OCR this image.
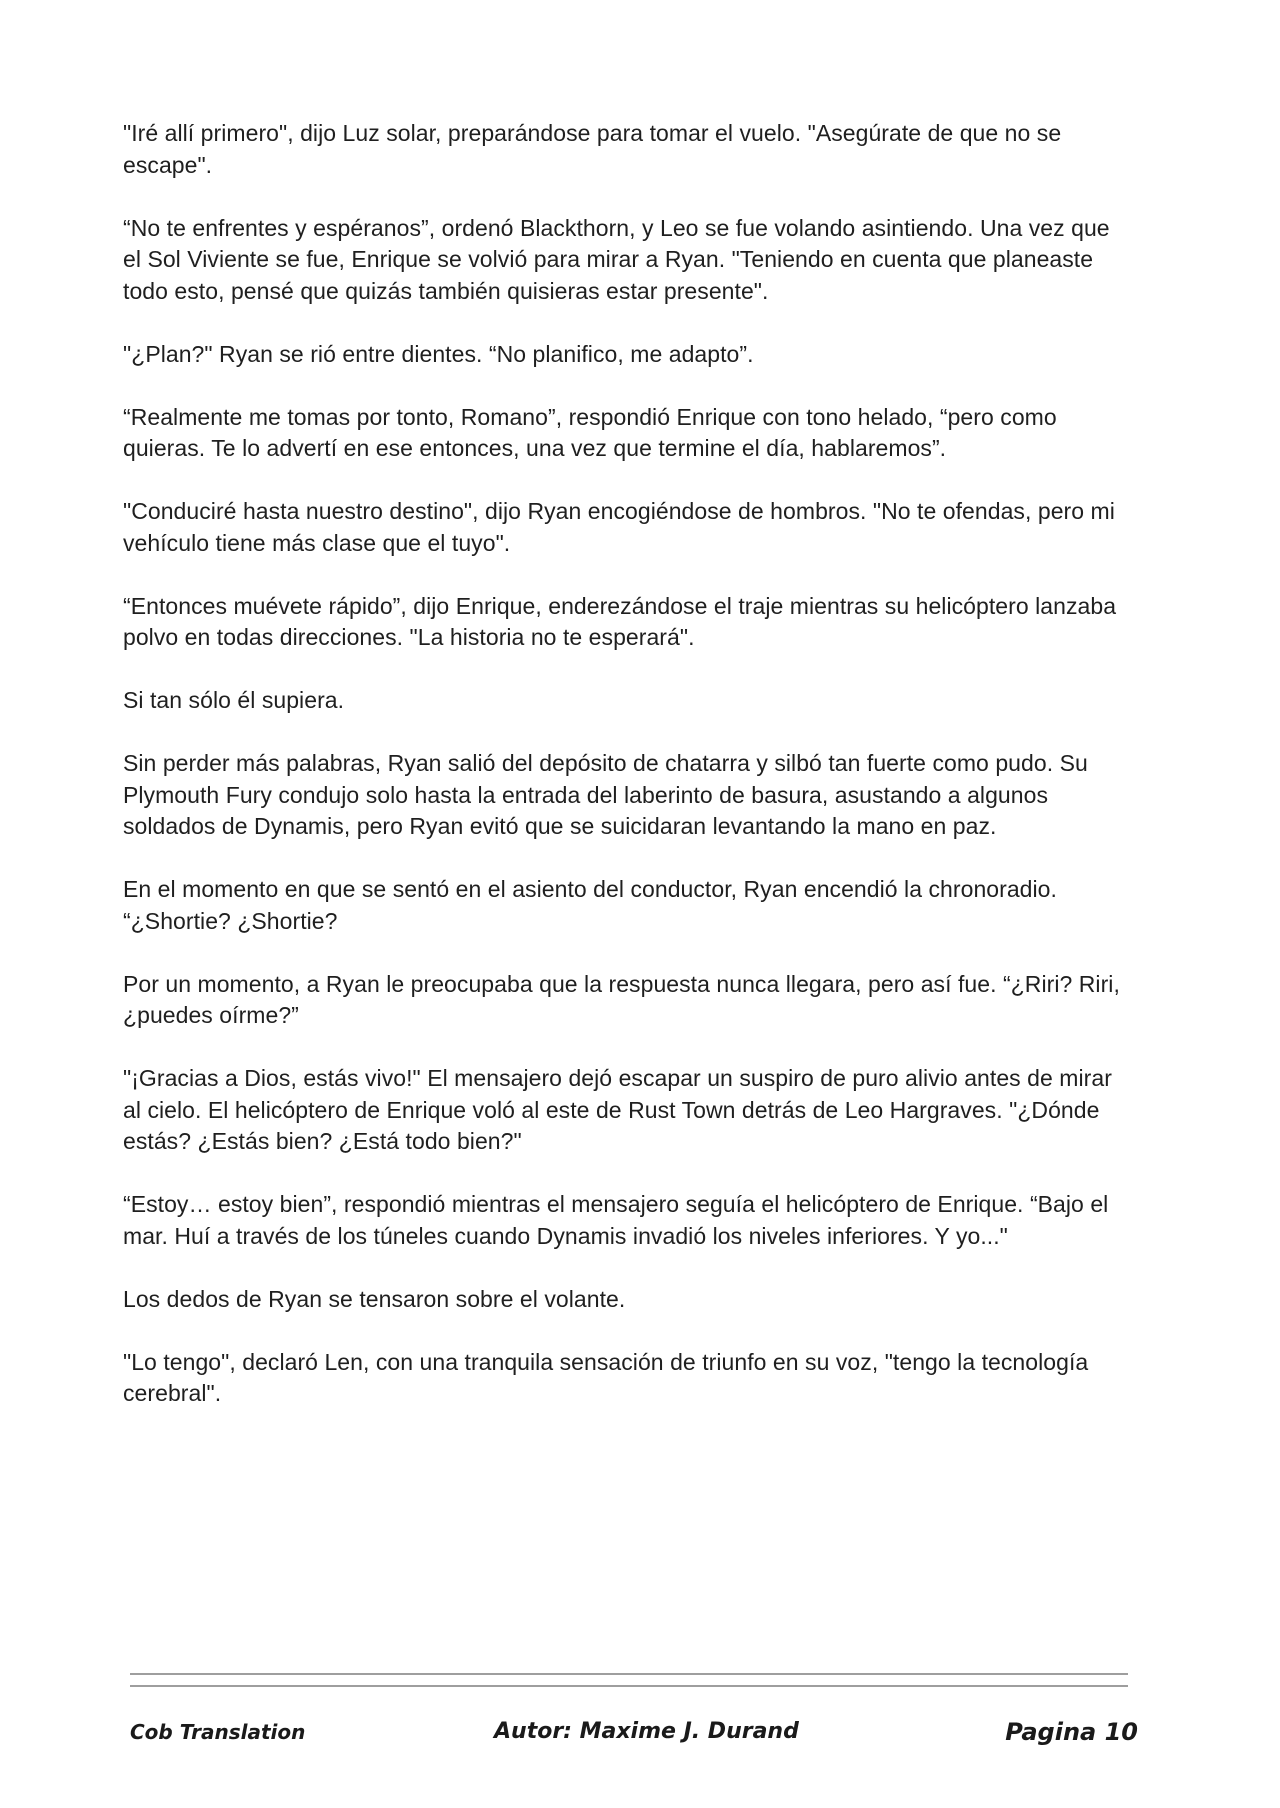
"Iré allí primero", dijo Luz solar, preparándose para tomar el vuelo. "Asegúrate de que no se escape".

“No te enfrentes y espéranos”, ordenó Blackthorn, y Leo se fue volando asintiendo. Una vez que el Sol Viviente se fue, Enrique se volvió para mirar a Ryan. "Teniendo en cuenta que planeaste todo esto, pensé que quizás también quisieras estar presente".

"¿Plan?" Ryan se rió entre dientes. “No planifico, me adapto”.

“Realmente me tomas por tonto, Romano”, respondió Enrique con tono helado, “pero como quieras. Te lo advertí en ese entonces, una vez que termine el día, hablaremos”.

"Conduciré hasta nuestro destino", dijo Ryan encogiéndose de hombros. "No te ofendas, pero mi vehículo tiene más clase que el tuyo".

“Entonces muévete rápido”, dijo Enrique, enderezándose el traje mientras su helicóptero lanzaba polvo en todas direcciones. "La historia no te esperará".

Si tan sólo él supiera.

Sin perder más palabras, Ryan salió del depósito de chatarra y silbó tan fuerte como pudo. Su Plymouth Fury condujo solo hasta la entrada del laberinto de basura, asustando a algunos soldados de Dynamis, pero Ryan evitó que se suicidaran levantando la mano en paz.

En el momento en que se sentó en el asiento del conductor, Ryan encendió la chronoradio. “¿Shortie? ¿Shortie?

Por un momento, a Ryan le preocupaba que la respuesta nunca llegara, pero así fue. “¿Riri? Riri, ¿puedes oírme?”

"¡Gracias a Dios, estás vivo!" El mensajero dejó escapar un suspiro de puro alivio antes de mirar al cielo. El helicóptero de Enrique voló al este de Rust Town detrás de Leo Hargraves. "¿Dónde estás? ¿Estás bien? ¿Está todo bien?"

“Estoy… estoy bien”, respondió mientras el mensajero seguía el helicóptero de Enrique. “Bajo el mar. Huí a través de los túneles cuando Dynamis invadió los niveles inferiores. Y yo..."

Los dedos de Ryan se tensaron sobre el volante.

"Lo tengo", declaró Len, con una tranquila sensación de triunfo en su voz, "tengo la tecnología cerebral".

Cob Translation	Autor: Maxime J. Durand	Pagina 10
